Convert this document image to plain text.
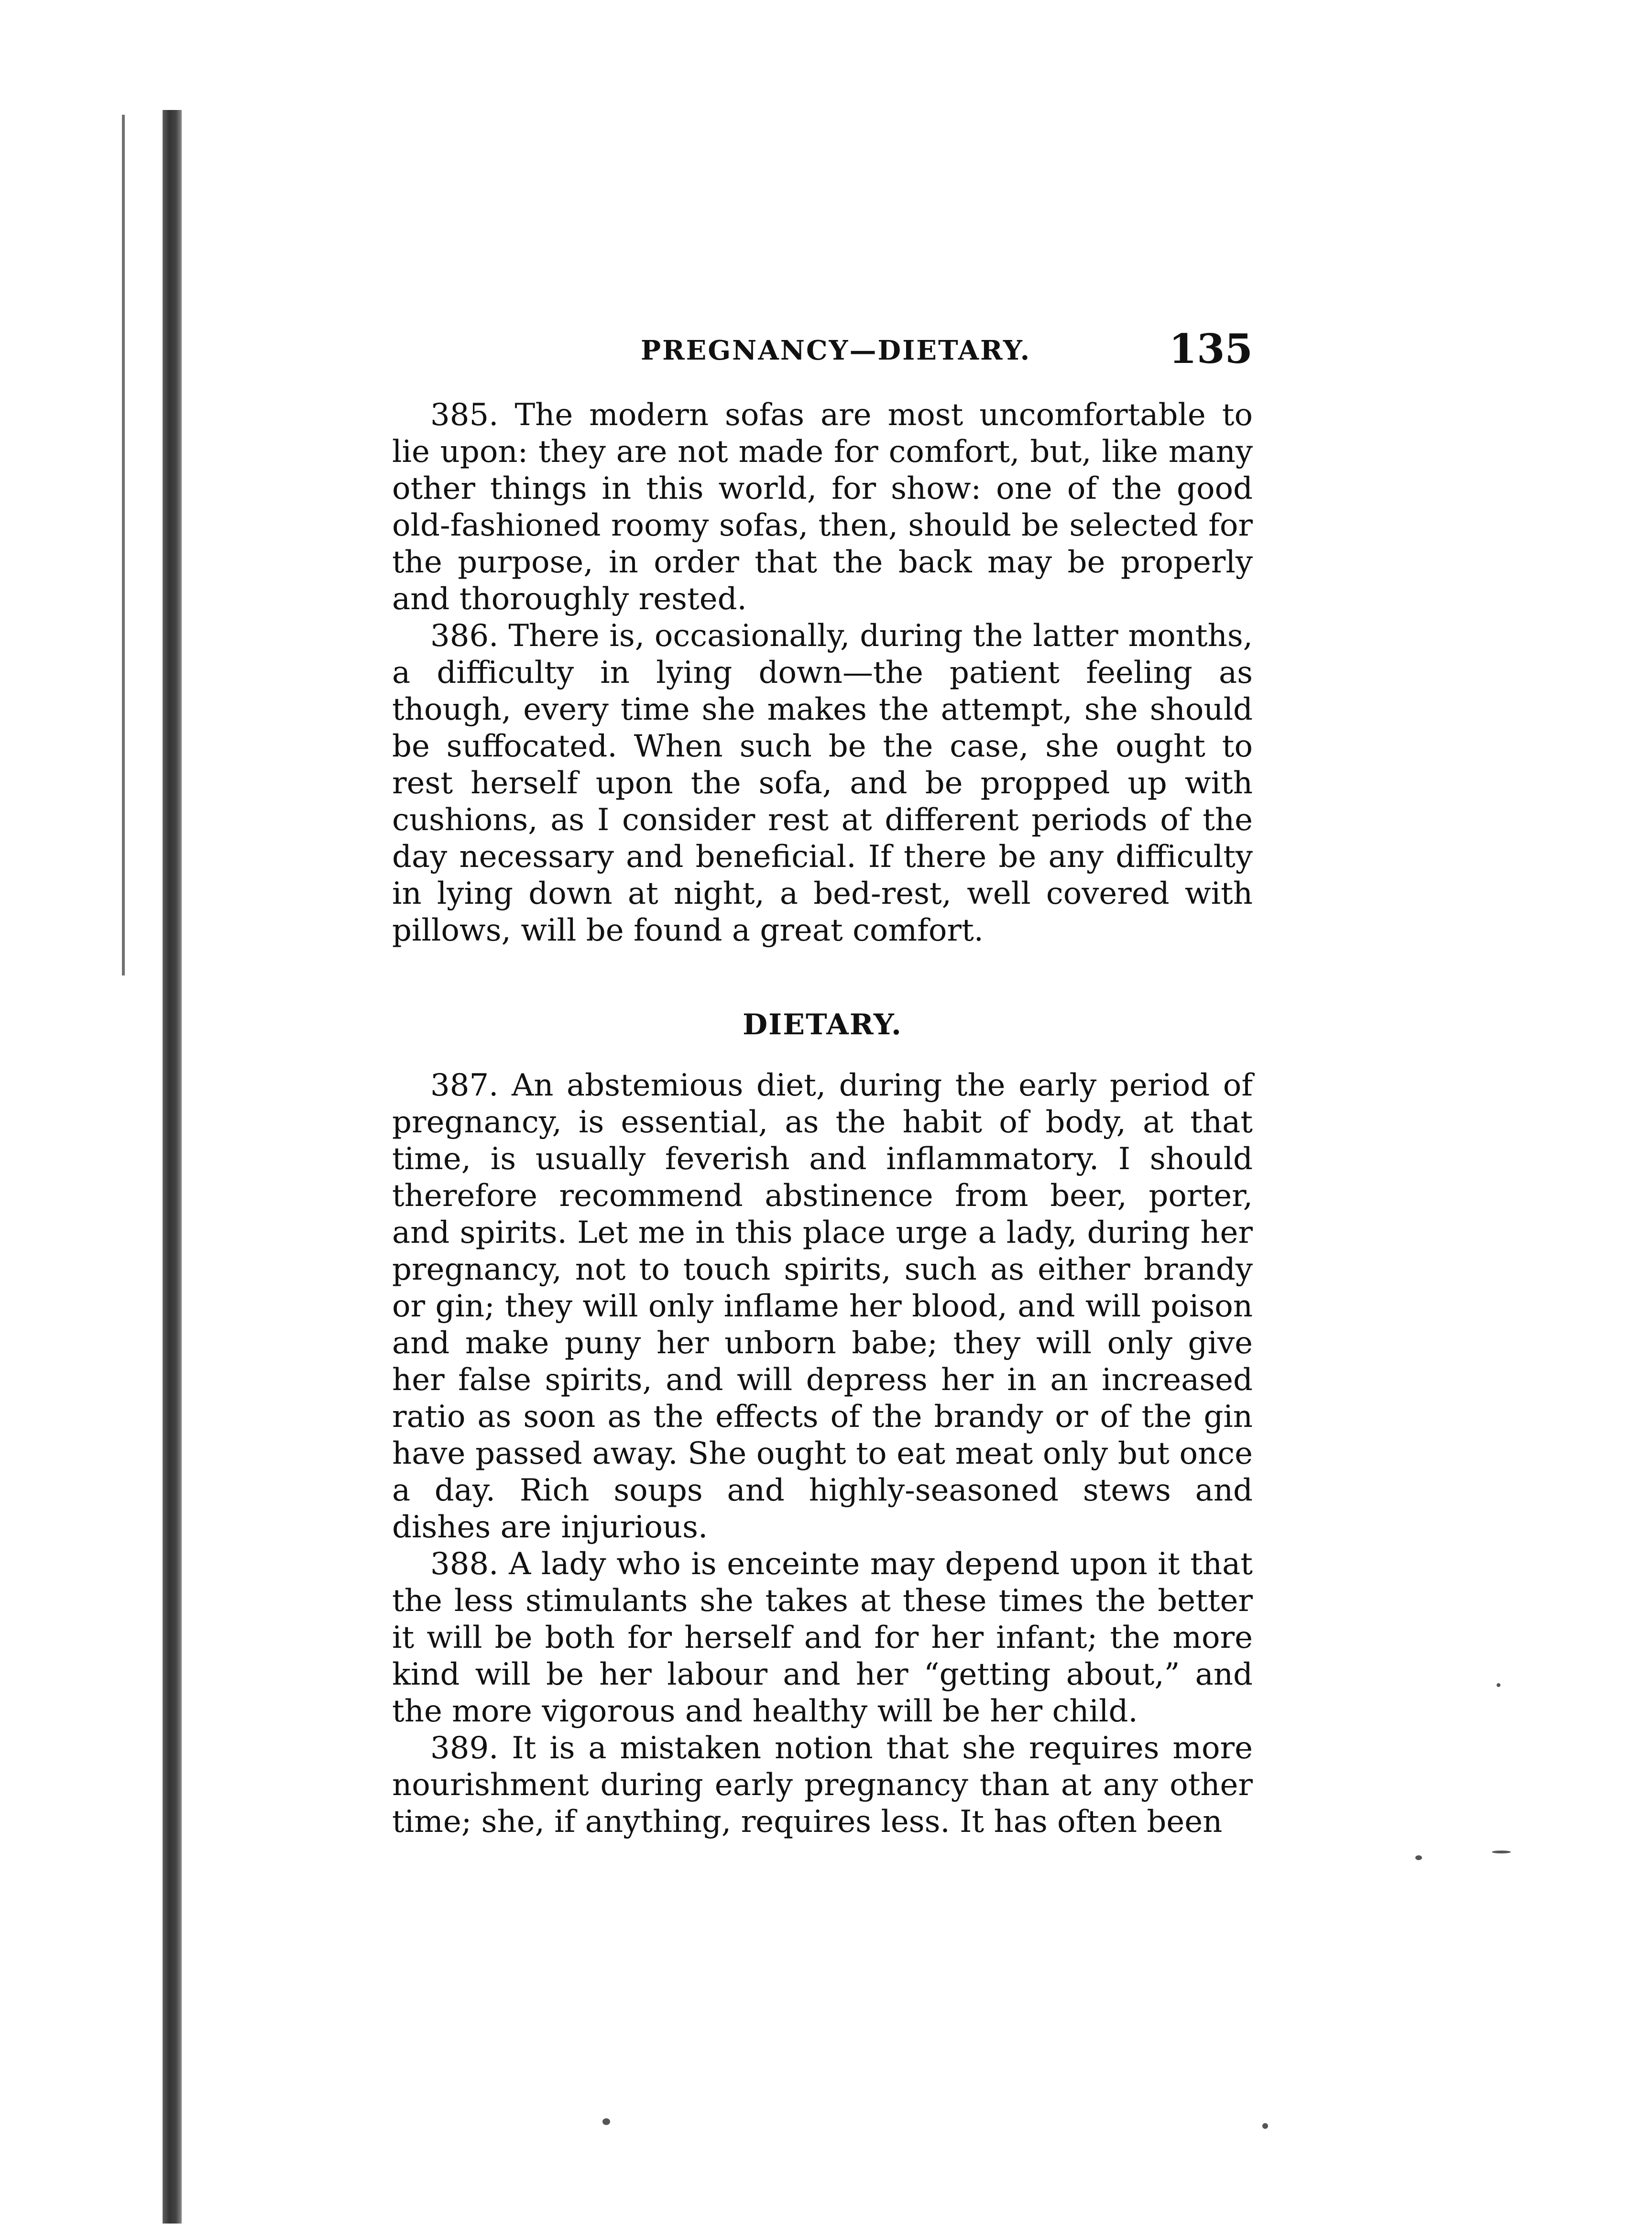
PREGNANCY—DIETARY.	135

385. The modern sofas are most uncomfortable to lie upon: they are not made for comfort, but, like many other things in this world, for show: one of the good old-fashioned roomy sofas, then, should be selected for the purpose, in order that the back may be properly and thoroughly rested.

386. There is, occasionally, during the latter months, a difficulty in lying down—the patient feeling as though, every time she makes the attempt, she should be suffocated. When such be the case, she ought to rest herself upon the sofa, and be propped up with cushions, as I consider rest at different periods of the day necessary and beneficial. If there be any difficulty in lying down at night, a bed-rest, well covered with pillows, will be found a great comfort.

DIETARY.

387. An abstemious diet, during the early period of pregnancy, is essential, as the habit of body, at that time, is usually feverish and inflammatory. I should therefore recommend abstinence from beer, porter, and spirits. Let me in this place urge a lady, during her pregnancy, not to touch spirits, such as either brandy or gin; they will only inflame her blood, and will poison and make puny her unborn babe; they will only give her false spirits, and will depress her in an increased ratio as soon as the effects of the brandy or of the gin have passed away. She ought to eat meat only but once a day. Rich soups and highly-seasoned stews and dishes are injurious.

388. A lady who is enceinte may depend upon it that the less stimulants she takes at these times the better it will be both for herself and for her infant; the more kind will be her labour and her “getting about,” and the more vigorous and healthy will be her child.

389. It is a mistaken notion that she requires more nourishment during early pregnancy than at any other time; she, if anything, requires less. It has often been
